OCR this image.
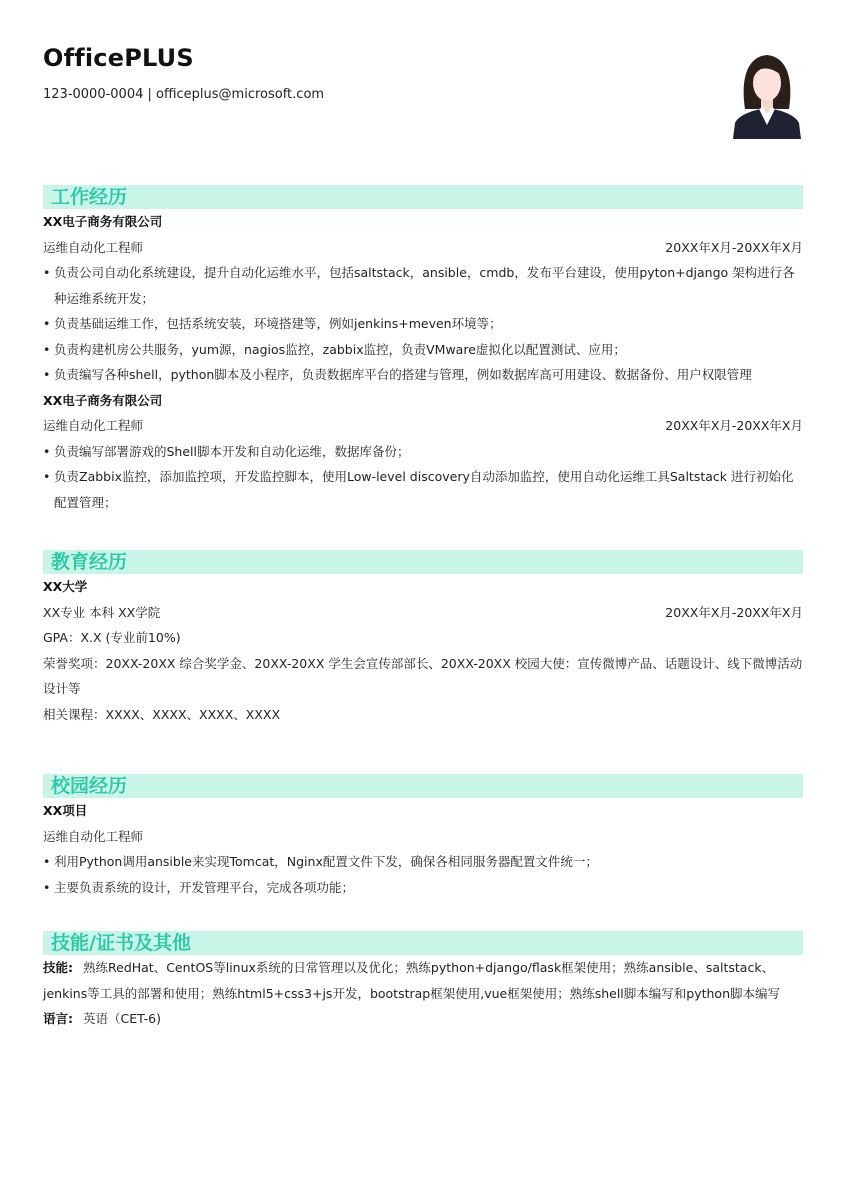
OfficePLUS
123-0000-0004 | officeplus@microsoft.com
工作经历
XX电子商务有限公司
运维自动化工程师	20XX年X月-20XX年X月
• 负责公司自动化系统建设，提升自动化运维水平，包括saltstack，ansible，cmdb，发布平台建设，使用pyton+django 架构进行各种运维系统开发；
• 负责基础运维工作，包括系统安装，环境搭建等，例如jenkins+meven环境等；
• 负责构建机房公共服务，yum源，nagios监控，zabbix监控，负责VMware虚拟化以配置测试、应用；
• 负责编写各种shell，python脚本及小程序，负责数据库平台的搭建与管理，例如数据库高可用建设、数据备份、用户权限管理
XX电子商务有限公司
运维自动化工程师	20XX年X月-20XX年X月
• 负责编写部署游戏的Shell脚本开发和自动化运维，数据库备份；
• 负责Zabbix监控，添加监控项，开发监控脚本，使用Low-level discovery自动添加监控，使用自动化运维工具Saltstack 进行初始化配置管理；
教育经历
XX大学
XX专业 本科 XX学院	20XX年X月-20XX年X月
GPA：X.X (专业前10%)
荣誉奖项：20XX-20XX 综合奖学金、20XX-20XX 学生会宣传部部长、20XX-20XX 校园大使：宣传微博产品、话题设计、线下微博活动设计等
相关课程：XXXX、XXXX、XXXX、XXXX
校园经历
XX项目
运维自动化工程师
• 利用Python调用ansible来实现Tomcat，Nginx配置文件下发，确保各相同服务器配置文件统一；
• 主要负责系统的设计，开发管理平台，完成各项功能；
技能/证书及其他
技能: 熟练RedHat、CentOS等linux系统的日常管理以及优化；熟练python+django/flask框架使用；熟练ansible、saltstack、jenkins等工具的部署和使用；熟练html5+css3+js开发，bootstrap框架使用,vue框架使用；熟练shell脚本编写和python脚本编写
语言: 英语（CET-6)
